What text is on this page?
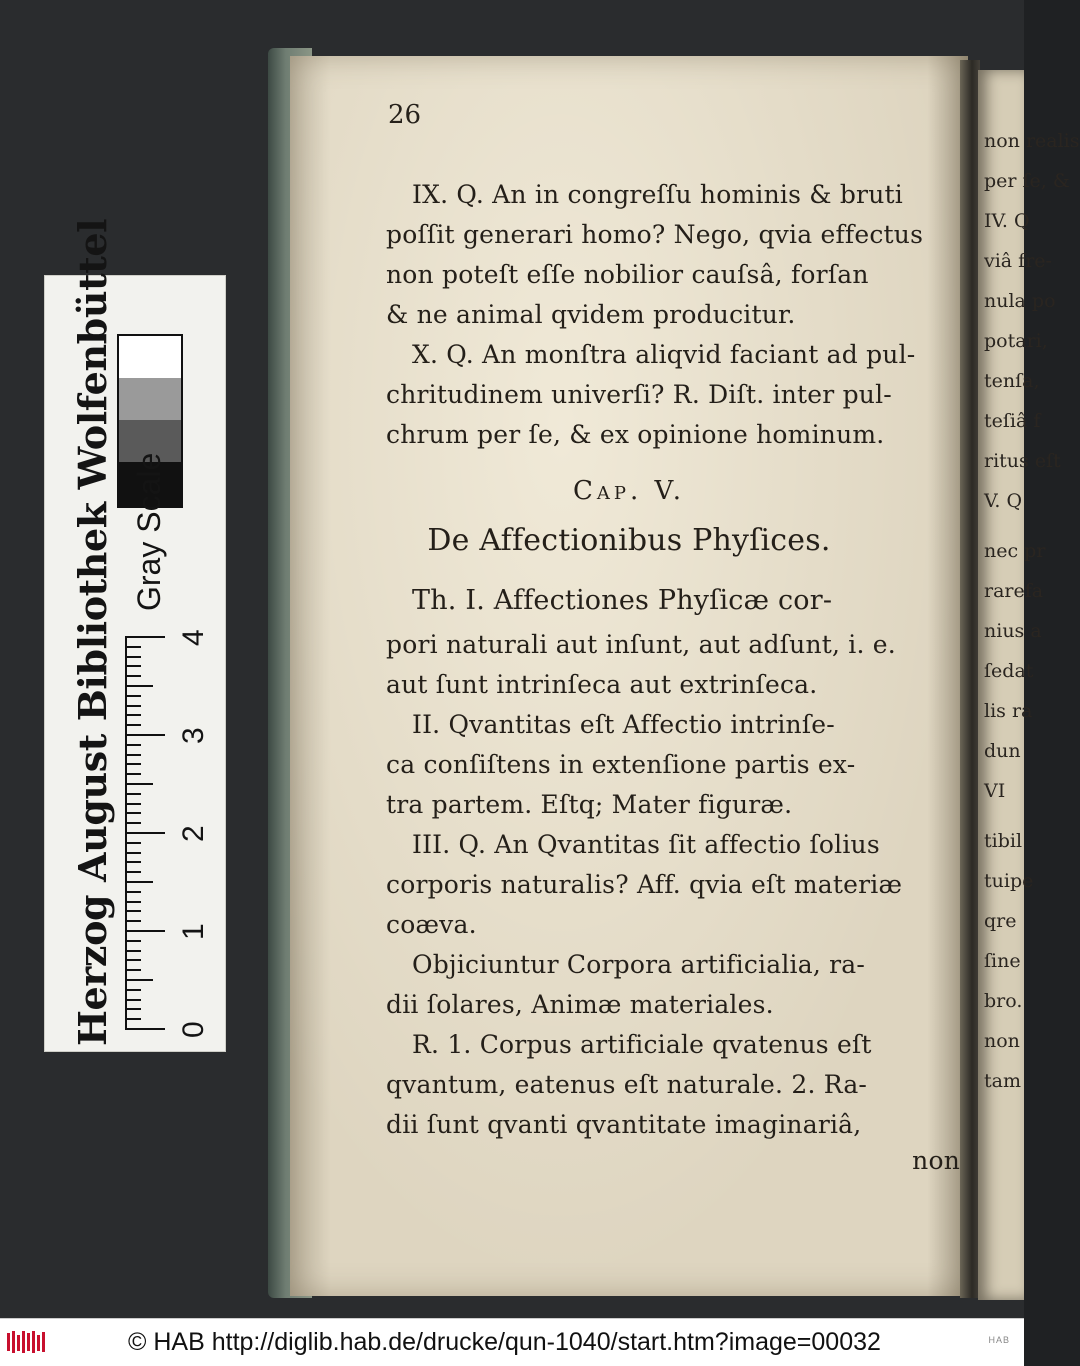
26
IX. Q. An in congreſſu hominis & bruti
poſſit generari homo? Nego, qvia effectus
non poteſt eſſe nobilior cauſsâ, forſan
& ne animal qvidem producitur.
X. Q. An monſtra aliqvid faciant ad pul-
chritudinem univerſi? R. Diſt. inter pul-
chrum per ſe, & ex opinione hominum.
Cap. V.
De Affectionibus Phyſices.
Th. I. Affectiones Phyſicæ cor-
pori naturali aut inſunt, aut adſunt, i. e.
aut ſunt intrinſeca aut extrinſeca.
II. Qvantitas eſt Affectio intrinſe-
ca conſiſtens in extenſione partis ex-
tra partem. Eſtq; Mater figuræ.
III. Q. An Qvantitas ſit affectio ſolius
corporis naturalis? Aff. qvia eſt materiæ
coæva.
Objiciuntur Corpora artificialia, ra-
dii ſolares, Animæ materiales.
R. 1. Corpus artificiale qvatenus eſt
qvantum, eatenus eſt naturale. 2. Ra-
dii ſunt qvanti qvantitate imaginariâ,
non
non realis
per ſe, &
IV. Q
viâ fre-
nula po
potari,
tenſa,
teſiâ f
ritus eſt
V. Q
nec pr
rarefa
nius a
ſedat
lis ra
dun
VI
tibil
tuipe
qre
ſine
bro.
non
tam
Herzog August Bibliothek Wolfenbüttel Gray Scale
0
1
2
3
4
© HAB http://diglib.hab.de/drucke/qun-1040/start.htm?image=00032	HAB
